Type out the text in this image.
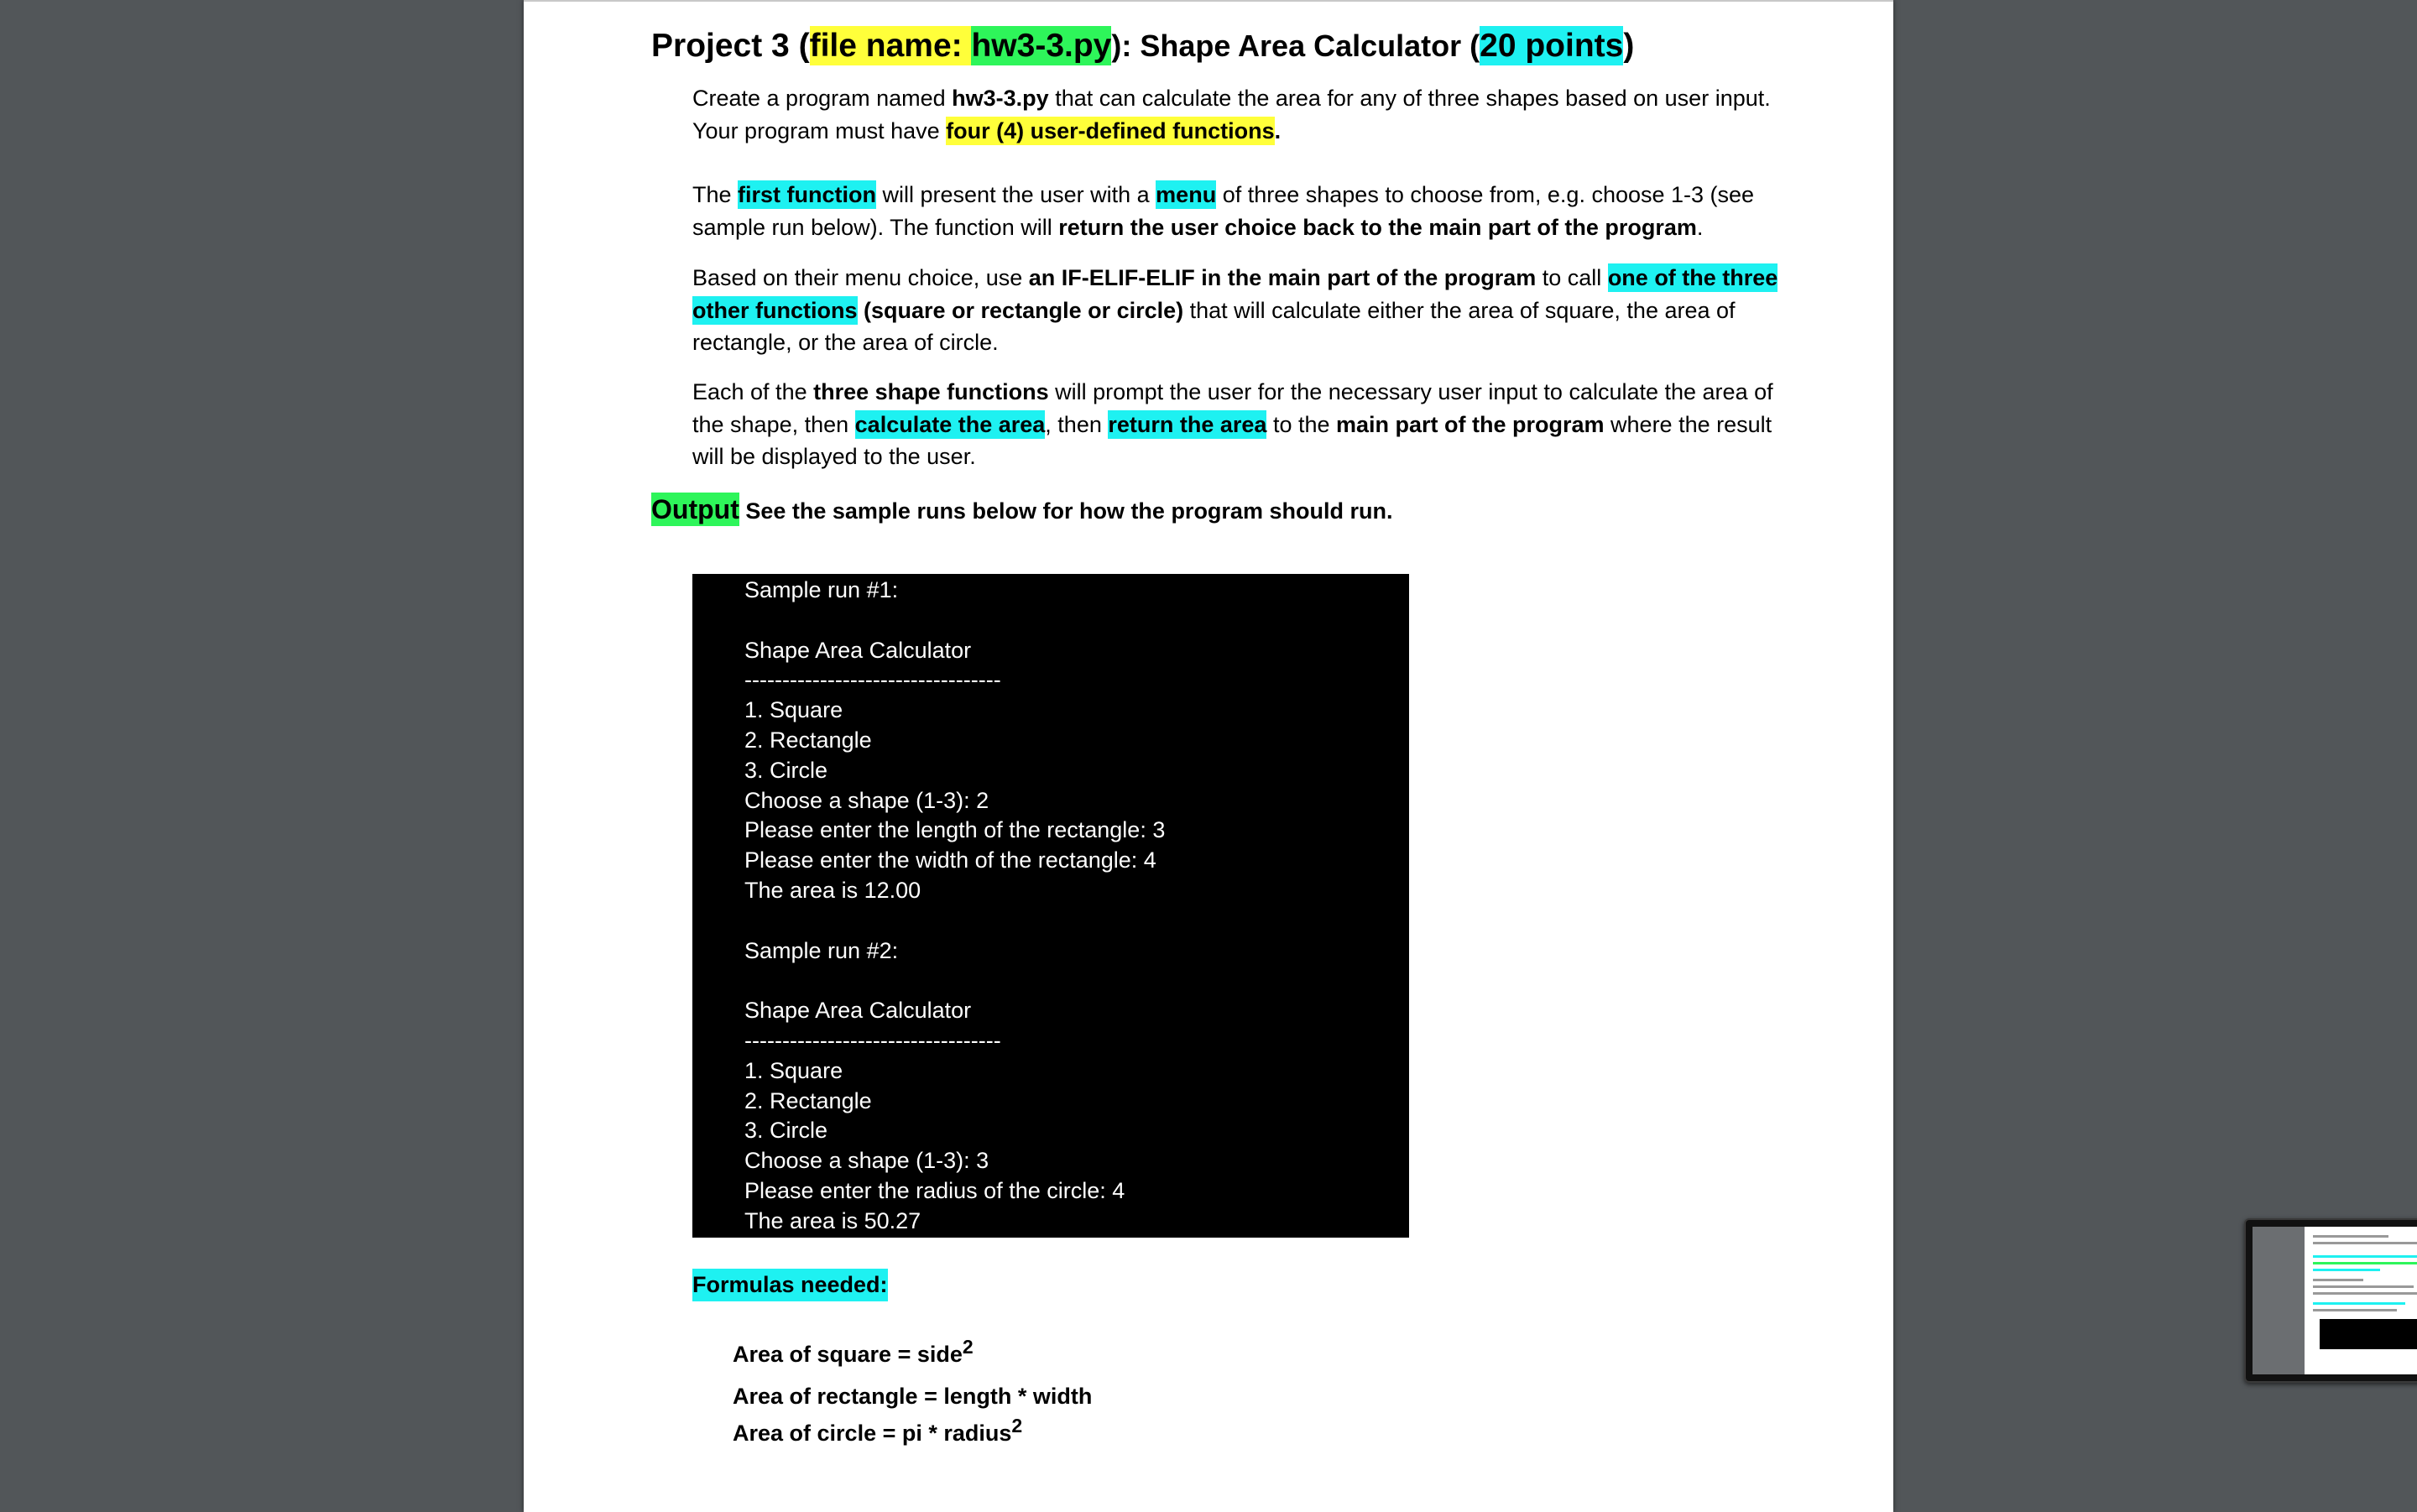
Project 3 (file name: hw3-3.py): Shape Area Calculator (20 points)

Create a program named hw3-3.py that can calculate the area for any of three shapes based on user input. Your program must have four (4) user-defined functions.

The first function will present the user with a menu of three shapes to choose from, e.g. choose 1-3 (see sample run below). The function will return the user choice back to the main part of the program.

Based on their menu choice, use an IF-ELIF-ELIF in the main part of the program to call one of the three other functions (square or rectangle or circle) that will calculate either the area of square, the area of rectangle, or the area of circle.

Each of the three shape functions will prompt the user for the necessary user input to calculate the area of the shape, then calculate the area, then return the area to the main part of the program where the result will be displayed to the user.

Output See the sample runs below for how the program should run.
Sample run #1:
Shape Area Calculator
----------------------------------
1. Square
2. Rectangle
3. Circle
Choose a shape (1-3): 2
Please enter the length of the rectangle: 3
Please enter the width of the rectangle: 4
The area is 12.00
Sample run #2:
Shape Area Calculator
----------------------------------
1. Square
2. Rectangle
3. Circle
Choose a shape (1-3): 3
Please enter the radius of the circle: 4
The area is 50.27
Formulas needed:
Area of square = side$^2$
Area of rectangle = length * width
Area of circle = pi * radius$^2$
